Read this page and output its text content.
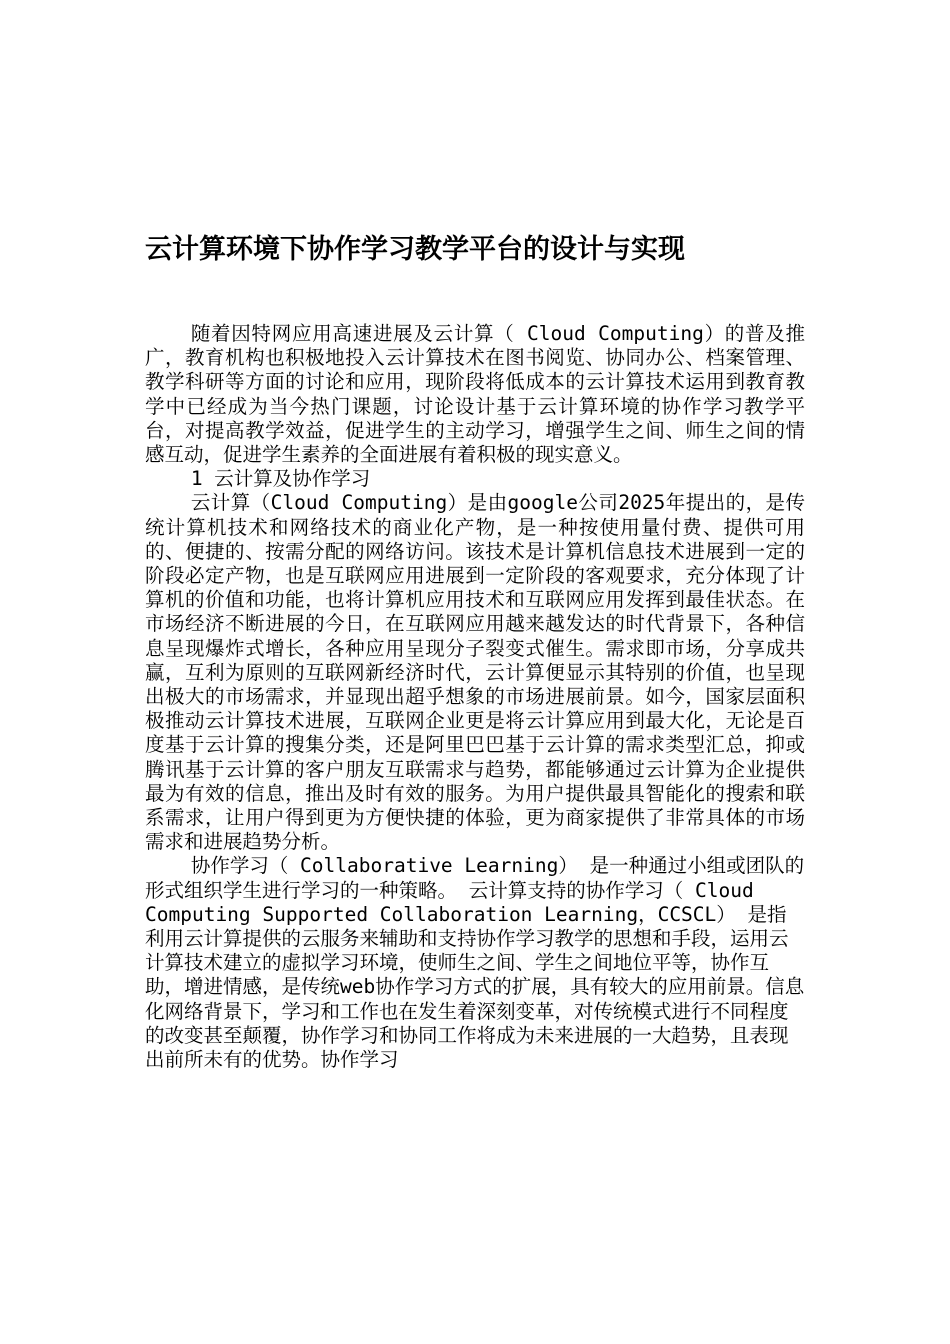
云计算环境下协作学习教学平台的设计与实现

随着因特网应用高速进展及云计算（ Cloud Computing）的普及推广，教育机构也积极地投入云计算技术在图书阅览、协同办公、档案管理、教学科研等方面的讨论和应用，现阶段将低成本的云计算技术运用到教育教学中已经成为当今热门课题，讨论设计基于云计算环境的协作学习教学平台，对提高教学效益，促进学生的主动学习，增强学生之间、师生之间的情感互动，促进学生素养的全面进展有着积极的现实意义。

1 云计算及协作学习

云计算（Cloud Computing）是由google公司2025年提出的，是传统计算机技术和网络技术的商业化产物，是一种按使用量付费、提供可用的、便捷的、按需分配的网络访问。该技术是计算机信息技术进展到一定的阶段必定产物，也是互联网应用进展到一定阶段的客观要求，充分体现了计算机的价值和功能，也将计算机应用技术和互联网应用发挥到最佳状态。在市场经济不断进展的今日，在互联网应用越来越发达的时代背景下，各种信息呈现爆炸式增长，各种应用呈现分子裂变式催生。需求即市场，分享成共赢，互利为原则的互联网新经济时代，云计算便显示其特别的价值，也呈现出极大的市场需求，并显现出超乎想象的市场进展前景。如今，国家层面积极推动云计算技术进展，互联网企业更是将云计算应用到最大化，无论是百度基于云计算的搜集分类，还是阿里巴巴基于云计算的需求类型汇总，抑或腾讯基于云计算的客户朋友互联需求与趋势，都能够通过云计算为企业提供最为有效的信息，推出及时有效的服务。为用户提供最具智能化的搜索和联系需求，让用户得到更为方便快捷的体验，更为商家提供了非常具体的市场需求和进展趋势分析。

协作学习（ Collaborative Learning） 是一种通过小组或团队的形式组织学生进行学习的一种策略。 云计算支持的协作学习（ Cloud Computing Supported Collaboration Learning，CCSCL） 是指利用云计算提供的云服务来辅助和支持协作学习教学的思想和手段，运用云计算技术建立的虚拟学习环境，使师生之间、学生之间地位平等，协作互助，增进情感，是传统web协作学习方式的扩展，具有较大的应用前景。信息化网络背景下，学习和工作也在发生着深刻变革，对传统模式进行不同程度的改变甚至颠覆，协作学习和协同工作将成为未来进展的一大趋势，且表现出前所未有的优势。协作学习
